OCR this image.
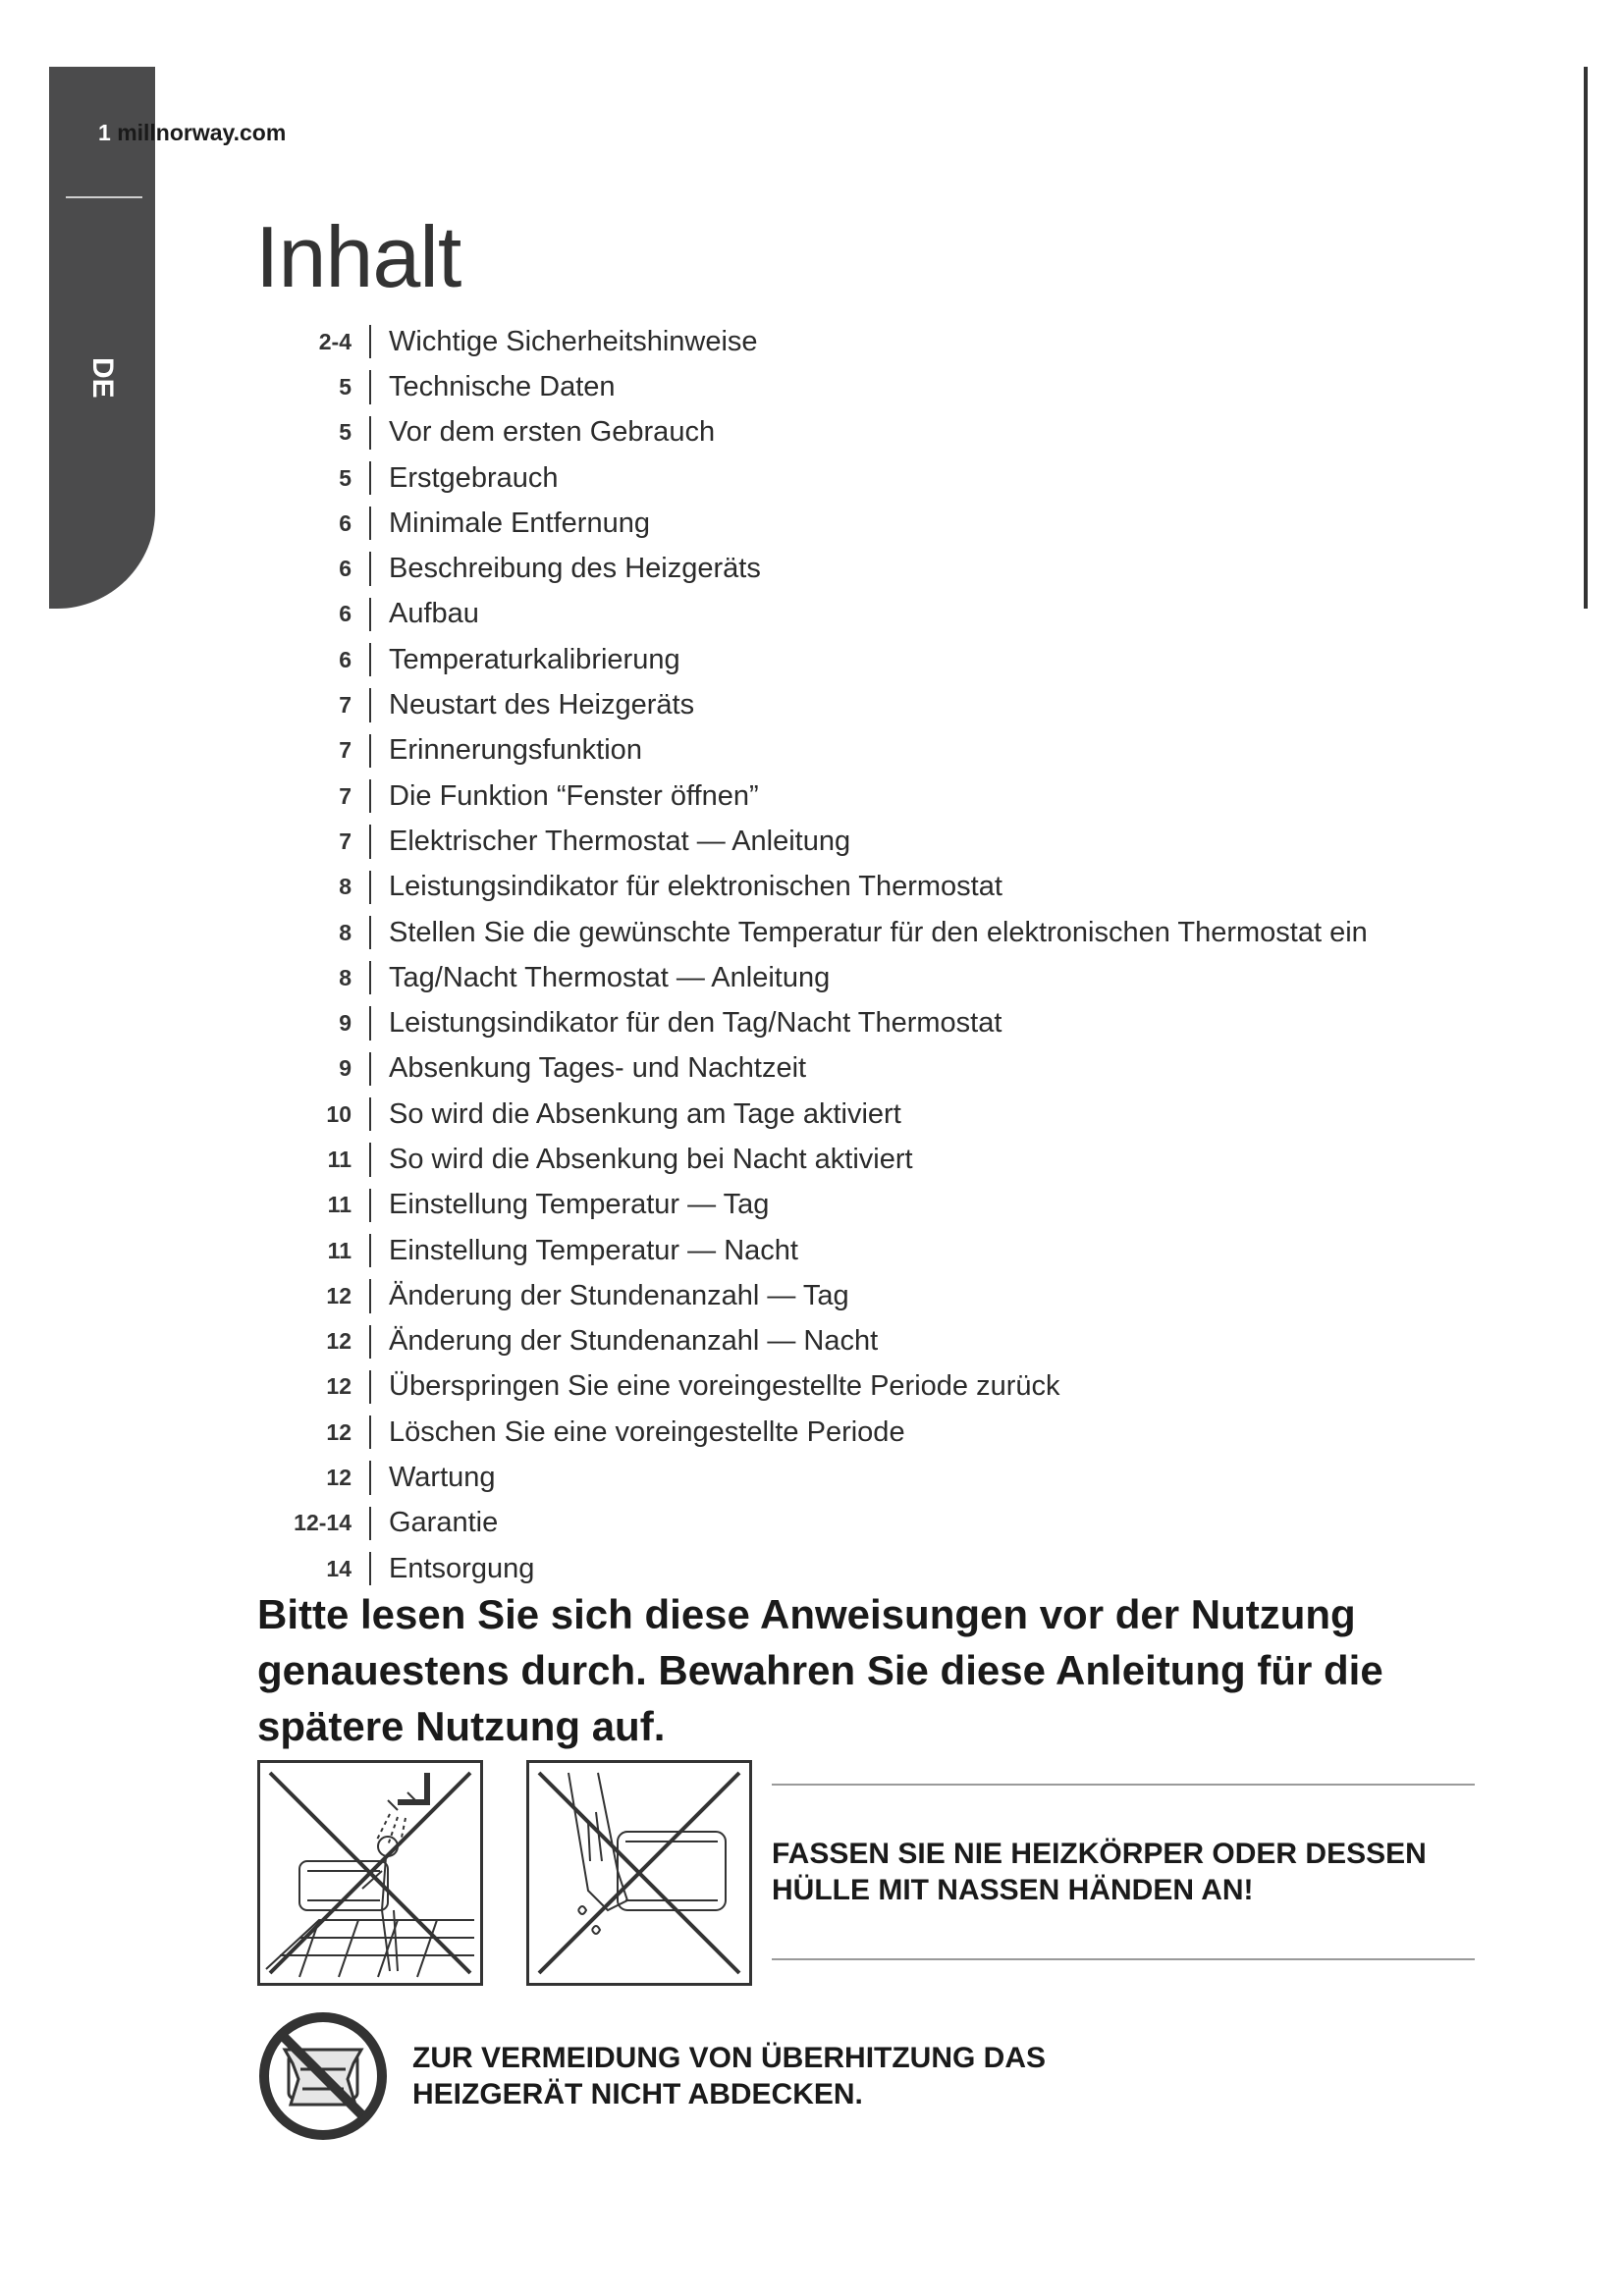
DE
1 millnorway.com
Inhalt
2-4	Wichtige Sicherheitshinweise
5	Technische Daten
5	Vor dem ersten Gebrauch
5	Erstgebrauch
6	Minimale Entfernung
6	Beschreibung des Heizgeräts
6	Aufbau
6	Temperaturkalibrierung
7	Neustart des Heizgeräts
7	Erinnerungsfunktion
7	Die Funktion “Fenster öffnen”
7	Elektrischer Thermostat — Anleitung
8	Leistungsindikator für elektronischen Thermostat
8	Stellen Sie die gewünschte Temperatur für den elektronischen Thermostat ein
8	Tag/Nacht Thermostat — Anleitung
9	Leistungsindikator für den Tag/Nacht Thermostat
9	Absenkung Tages- und Nachtzeit
10	So wird die Absenkung am Tage aktiviert
11	So wird die Absenkung bei Nacht aktiviert
11	Einstellung Temperatur — Tag
11	Einstellung Temperatur — Nacht
12	Änderung der Stundenanzahl — Tag
12	Änderung der Stundenanzahl — Nacht
12	Überspringen Sie eine voreingestellte Periode zurück
12	Löschen Sie eine voreingestellte Periode
12	Wartung
12-14	Garantie
14	Entsorgung
Bitte lesen Sie sich diese Anweisungen vor der Nutzung genauestens durch. Bewahren Sie diese Anleitung für die spätere Nutzung auf.
FASSEN SIE NIE HEIZKÖRPER ODER DESSEN
HÜLLE MIT NASSEN HÄNDEN AN!
ZUR VERMEIDUNG VON ÜBERHITZUNG DAS
HEIZGERÄT NICHT ABDECKEN.
